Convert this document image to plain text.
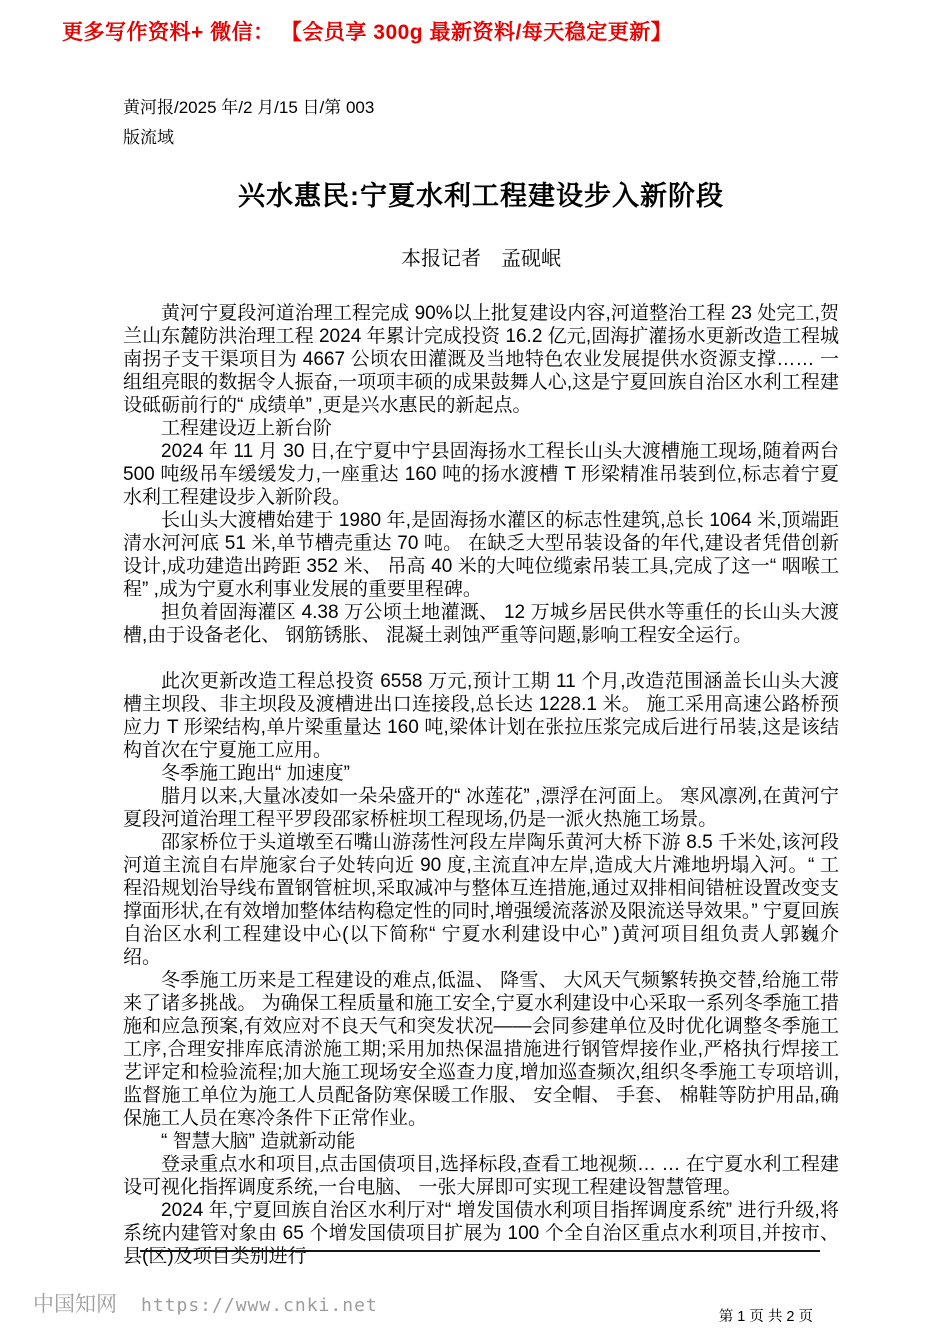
更多写作资料+ 微信： 【会员享 300g 最新资料/每天稳定更新】
黄河报/2025 年/2 月/15 日/第 003
版流域
兴水惠民:宁夏水利工程建设步入新阶段
本报记者　孟砚岷

黄河宁夏段河道治理工程完成 90%以上批复建设内容,河道整治工程 23 处完工,贺兰山东麓防洪治理工程 2024 年累计完成投资 16.2 亿元,固海扩灌扬水更新改造工程城南拐子支干渠项目为 4667 公顷农田灌溉及当地特色农业发展提供水资源支撑…… 一组组亮眼的数据令人振奋,一项项丰硕的成果鼓舞人心,这是宁夏回族自治区水利工程建设砥砺前行的“ 成绩单” ,更是兴水惠民的新起点。

工程建设迈上新台阶

2024 年 11 月 30 日,在宁夏中宁县固海扬水工程长山头大渡槽施工现场,随着两台 500 吨级吊车缓缓发力,一座重达 160 吨的扬水渡槽 T 形梁精准吊装到位,标志着宁夏水利工程建设步入新阶段。

长山头大渡槽始建于 1980 年,是固海扬水灌区的标志性建筑,总长 1064 米,顶端距清水河河底 51 米,单节槽壳重达 70 吨。 在缺乏大型吊装设备的年代,建设者凭借创新设计,成功建造出跨距 352 米、 吊高 40 米的大吨位缆索吊装工具,完成了这一“ 咽喉工程” ,成为宁夏水利事业发展的重要里程碑。

担负着固海灌区 4.38 万公顷土地灌溉、 12 万城乡居民供水等重任的长山头大渡槽,由于设备老化、 钢筋锈胀、 混凝土剥蚀严重等问题,影响工程安全运行。

此次更新改造工程总投资 6558 万元,预计工期 11 个月,改造范围涵盖长山头大渡槽主坝段、非主坝段及渡槽进出口连接段,总长达 1228.1 米。 施工采用高速公路桥预应力 T 形梁结构,单片梁重量达 160 吨,梁体计划在张拉压浆完成后进行吊装,这是该结构首次在宁夏施工应用。

冬季施工跑出“ 加速度”

腊月以来,大量冰凌如一朵朵盛开的“ 冰莲花” ,漂浮在河面上。 寒风凛冽,在黄河宁夏段河道治理工程平罗段邵家桥桩坝工程现场,仍是一派火热施工场景。

邵家桥位于头道墩至石嘴山游荡性河段左岸陶乐黄河大桥下游 8.5 千米处,该河段河道主流自右岸施家台子处转向近 90 度,主流直冲左岸,造成大片滩地坍塌入河。“ 工程沿规划治导线布置钢管桩坝,采取减冲与整体互连措施,通过双排相间错桩设置改变支撑面形状,在有效增加整体结构稳定性的同时,增强缓流落淤及限流送导效果。” 宁夏回族自治区水利工程建设中心(以下简称“ 宁夏水利建设中心” )黄河项目组负责人郭巍介绍。

冬季施工历来是工程建设的难点,低温、 降雪、 大风天气频繁转换交替,给施工带来了诸多挑战。 为确保工程质量和施工安全,宁夏水利建设中心采取一系列冬季施工措施和应急预案,有效应对不良天气和突发状况——会同参建单位及时优化调整冬季施工工序,合理安排库底清淤施工期;采用加热保温措施进行钢管焊接作业,严格执行焊接工艺评定和检验流程;加大施工现场安全巡查力度,增加巡查频次,组织冬季施工专项培训,监督施工单位为施工人员配备防寒保暖工作服、 安全帽、 手套、 棉鞋等防护用品,确保施工人员在寒冷条件下正常作业。

“ 智慧大脑” 造就新动能

登录重点水和项目,点击国债项目,选择标段,查看工地视频… … 在宁夏水利工程建设可视化指挥调度系统,一台电脑、 一张大屏即可实现工程建设智慧管理。

2024 年,宁夏回族自治区水利厅对“ 增发国债水利项目指挥调度系统” 进行升级,将系统内建管对象由 65 个增发国债项目扩展为 100 个全自治区重点水利项目,并按市、 县(区)及项目类别进行

第 1 页 共 2 页
中国知网 https://www.cnki.net
